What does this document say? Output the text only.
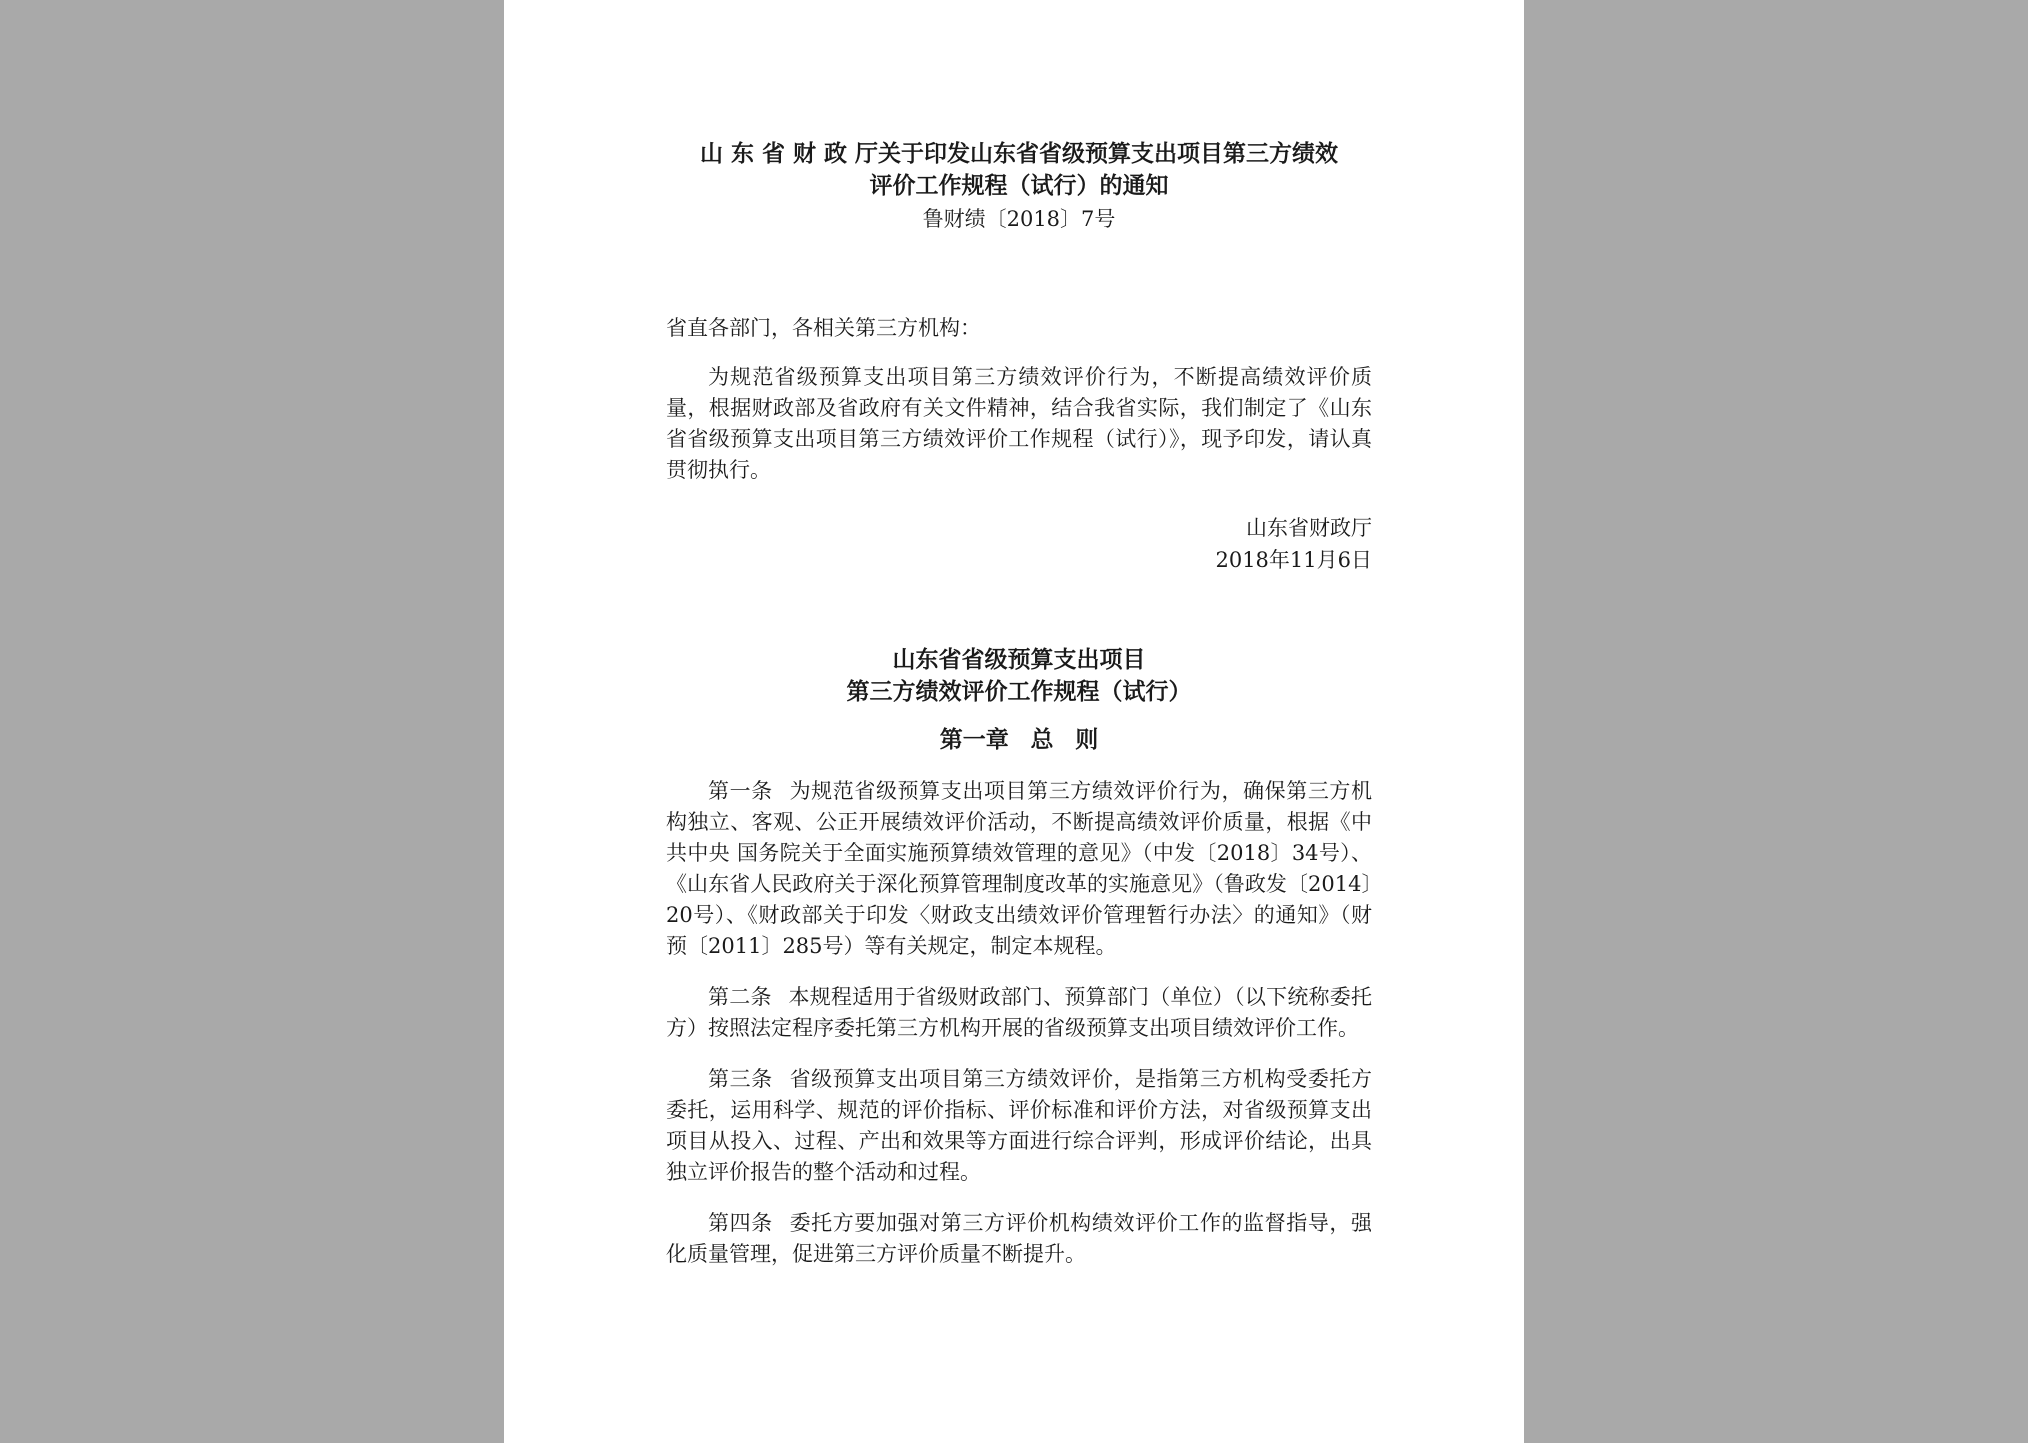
山 东 省 财 政 厅关于印发山东省省级预算支出项目第三方绩效
评价工作规程（试行）的通知
鲁财绩〔2018〕7号
省直各部门，各相关第三方机构：
为规范省级预算支出项目第三方绩效评价行为，不断提高绩效评价质量，根据财政部及省政府有关文件精神，结合我省实际，我们制定了《山东省省级预算支出项目第三方绩效评价工作规程（试行）》，现予印发，请认真贯彻执行。
山东省财政厅
2018年11月6日
山东省省级预算支出项目
第三方绩效评价工作规程（试行）
第一章 总 则
第一条 为规范省级预算支出项目第三方绩效评价行为，确保第三方机构独立、客观、公正开展绩效评价活动，不断提高绩效评价质量，根据《中共中央 国务院关于全面实施预算绩效管理的意见》（中发〔2018〕34号）、《山东省人民政府关于深化预算管理制度改革的实施意见》（鲁政发〔2014〕20号）、《财政部关于印发〈财政支出绩效评价管理暂行办法〉的通知》（财预〔2011〕285号）等有关规定，制定本规程。
第二条 本规程适用于省级财政部门、预算部门（单位）（以下统称委托方）按照法定程序委托第三方机构开展的省级预算支出项目绩效评价工作。
第三条 省级预算支出项目第三方绩效评价，是指第三方机构受委托方委托，运用科学、规范的评价指标、评价标准和评价方法，对省级预算支出项目从投入、过程、产出和效果等方面进行综合评判，形成评价结论，出具独立评价报告的整个活动和过程。
第四条 委托方要加强对第三方评价机构绩效评价工作的监督指导，强化质量管理，促进第三方评价质量不断提升。
